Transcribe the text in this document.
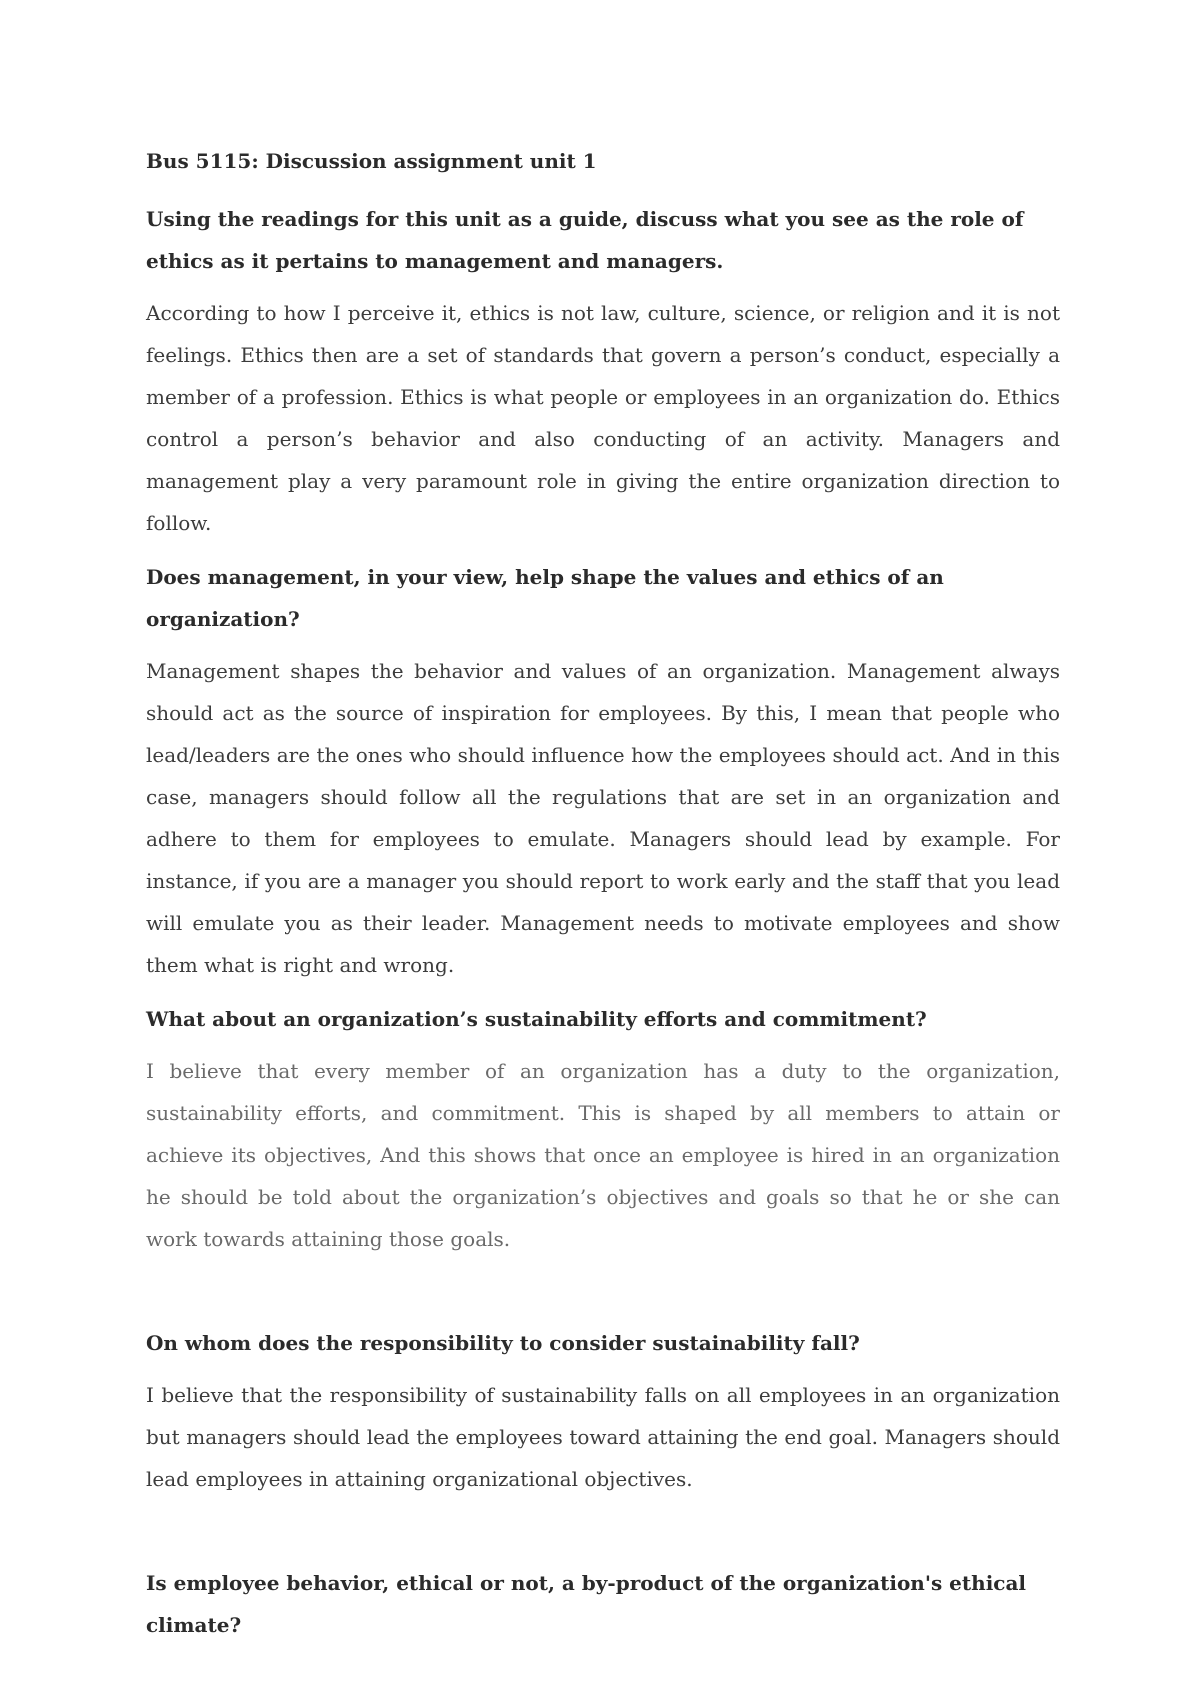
Bus 5115: Discussion assignment unit 1

Using the readings for this unit as a guide, discuss what you see as the role of ethics as it pertains to management and managers.

According to how I perceive it, ethics is not law, culture, science, or religion and it is not feelings. Ethics then are a set of standards that govern a person’s conduct, especially a member of a profession. Ethics is what people or employees in an organization do. Ethics control a person’s behavior and also conducting of an activity. Managers and management play a very paramount role in giving the entire organization direction to follow.

Does management, in your view, help shape the values and ethics of an organization?

Management shapes the behavior and values of an organization. Management always should act as the source of inspiration for employees. By this, I mean that people who lead/leaders are the ones who should influence how the employees should act. And in this case, managers should follow all the regulations that are set in an organization and adhere to them for employees to emulate. Managers should lead by example. For instance, if you are a manager you should report to work early and the staff that you lead will emulate you as their leader. Management needs to motivate employees and show them what is right and wrong.

What about an organization’s sustainability efforts and commitment?

I believe that every member of an organization has a duty to the organization, sustainability efforts, and commitment. This is shaped by all members to attain or achieve its objectives, And this shows that once an employee is hired in an organization he should be told about the organization’s objectives and goals so that he or she can work towards attaining those goals.

On whom does the responsibility to consider sustainability fall?

I believe that the responsibility of sustainability falls on all employees in an organization but managers should lead the employees toward attaining the end goal. Managers should lead employees in attaining organizational objectives.

Is employee behavior, ethical or not, a by-product of the organization's ethical climate?
